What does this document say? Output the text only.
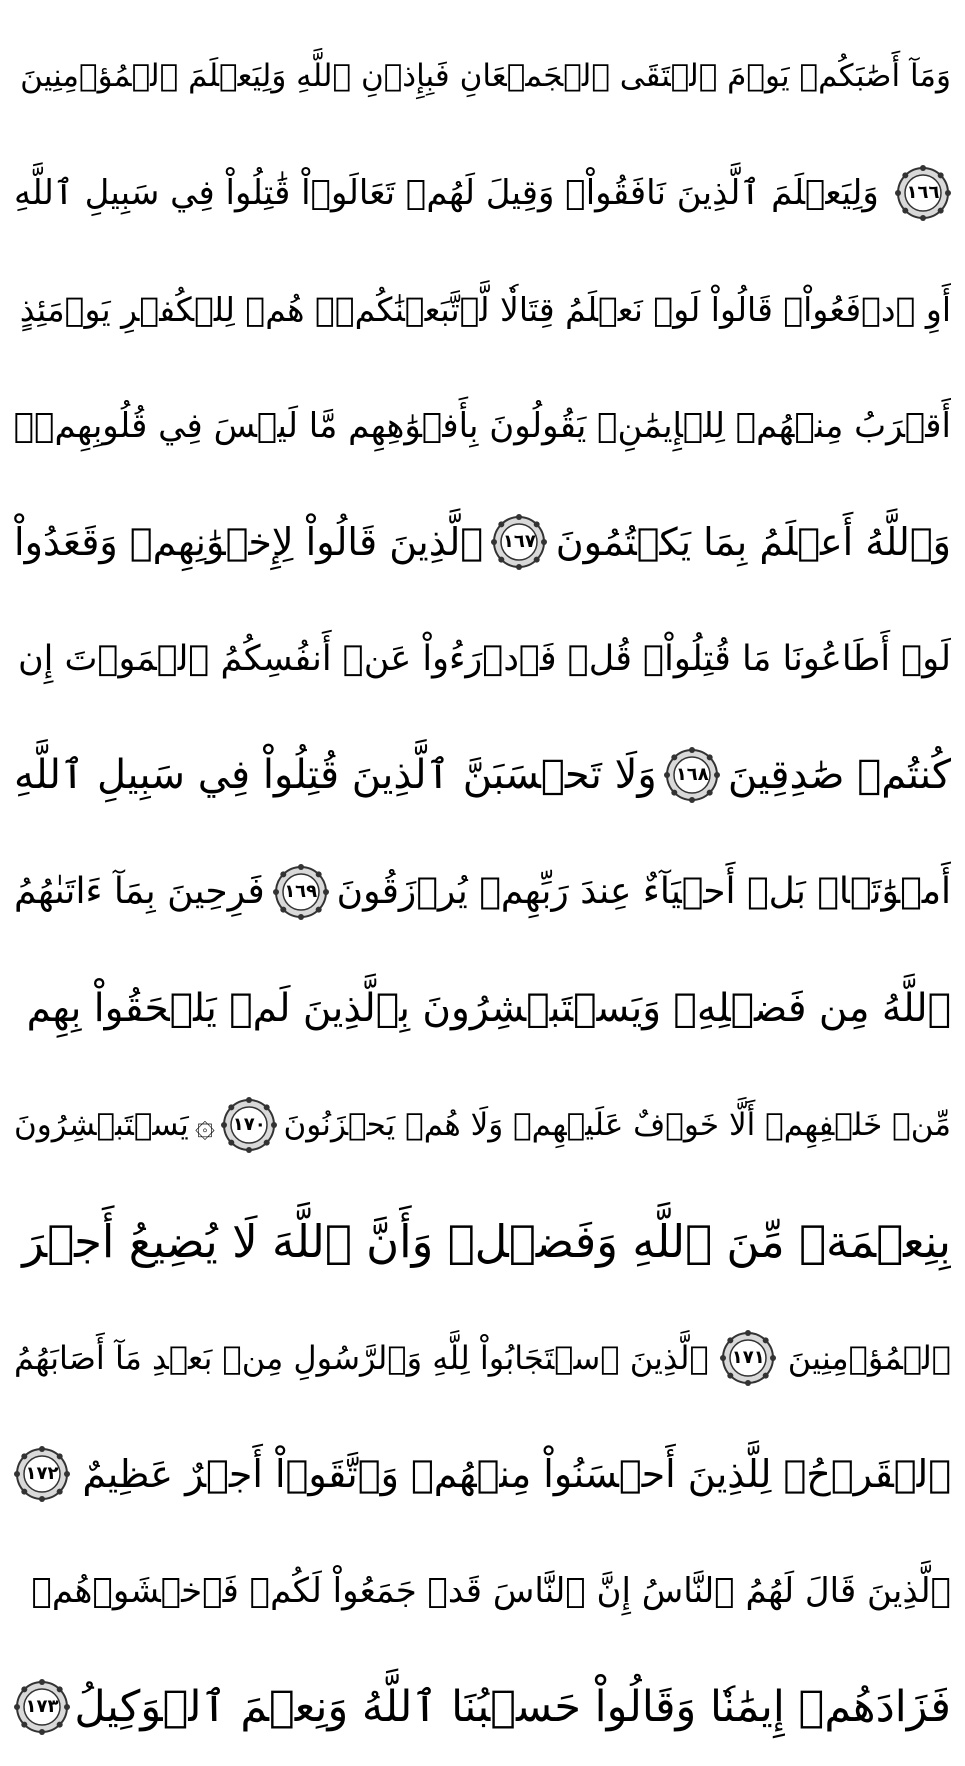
وَمَآ أَصَٰبَكُمۡ يَوۡمَ ٱلۡتَقَى ٱلۡجَمۡعَانِ فَبِإِذۡنِ ٱللَّهِ وَلِيَعۡلَمَ ٱلۡمُؤۡمِنِينَ
١٦٦
وَلِيَعۡلَمَ ٱلَّذِينَ نَافَقُواْۚ وَقِيلَ لَهُمۡ تَعَالَوۡاْ قَٰتِلُواْ فِي سَبِيلِ ٱللَّهِ
أَوِ ٱدۡفَعُواْۖ قَالُواْ لَوۡ نَعۡلَمُ قِتَالٗا لَّٱتَّبَعۡنَٰكُمۡۗ هُمۡ لِلۡكُفۡرِ يَوۡمَئِذٍ
أَقۡرَبُ مِنۡهُمۡ لِلۡإِيمَٰنِۚ يَقُولُونَ بِأَفۡوَٰهِهِم مَّا لَيۡسَ فِي قُلُوبِهِمۡۚ
وَٱللَّهُ أَعۡلَمُ بِمَا يَكۡتُمُونَ
١٦٧
ٱلَّذِينَ قَالُواْ لِإِخۡوَٰنِهِمۡ وَقَعَدُواْ
لَوۡ أَطَاعُونَا مَا قُتِلُواْۗ قُلۡ فَٱدۡرَءُواْ عَنۡ أَنفُسِكُمُ ٱلۡمَوۡتَ إِن
كُنتُمۡ صَٰدِقِينَ
١٦٨
وَلَا تَحۡسَبَنَّ ٱلَّذِينَ قُتِلُواْ فِي سَبِيلِ ٱللَّهِ
أَمۡوَٰتَۢاۚ بَلۡ أَحۡيَآءٌ عِندَ رَبِّهِمۡ يُرۡزَقُونَ
١٦٩
فَرِحِينَ بِمَآ ءَاتَىٰهُمُ
ٱللَّهُ مِن فَضۡلِهِۦ وَيَسۡتَبۡشِرُونَ بِٱلَّذِينَ لَمۡ يَلۡحَقُواْ بِهِم
مِّنۡ خَلۡفِهِمۡ أَلَّا خَوۡفٌ عَلَيۡهِمۡ وَلَا هُمۡ يَحۡزَنُونَ
١٧٠
۞
يَسۡتَبۡشِرُونَ
بِنِعۡمَةٖ مِّنَ ٱللَّهِ وَفَضۡلٖ وَأَنَّ ٱللَّهَ لَا يُضِيعُ أَجۡرَ
ٱلۡمُؤۡمِنِينَ
١٧١
ٱلَّذِينَ ٱسۡتَجَابُواْ لِلَّهِ وَٱلرَّسُولِ مِنۢ بَعۡدِ مَآ أَصَابَهُمُ
ٱلۡقَرۡحُۚ لِلَّذِينَ أَحۡسَنُواْ مِنۡهُمۡ وَٱتَّقَوۡاْ أَجۡرٌ عَظِيمٌ
١٧٢
ٱلَّذِينَ قَالَ لَهُمُ ٱلنَّاسُ إِنَّ ٱلنَّاسَ قَدۡ جَمَعُواْ لَكُمۡ فَٱخۡشَوۡهُمۡ
فَزَادَهُمۡ إِيمَٰنٗا وَقَالُواْ حَسۡبُنَا ٱللَّهُ وَنِعۡمَ ٱلۡوَكِيلُ
١٧٣
